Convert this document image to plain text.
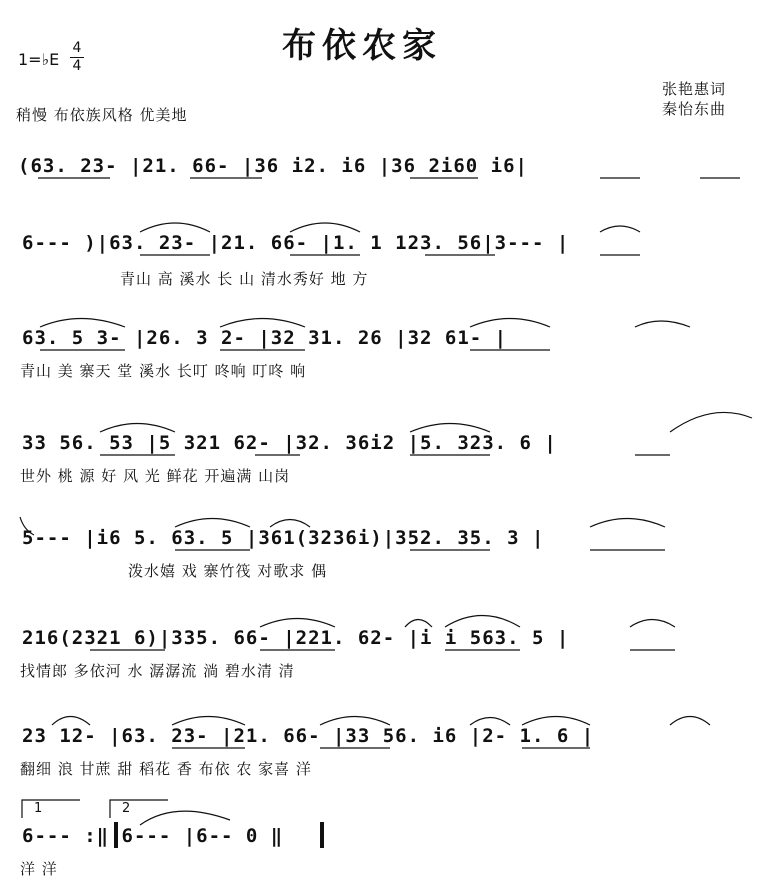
布依农家
1=♭E
4
4
稍慢 布依族风格 优美地
张艳惠词
秦怡东曲
(63. 23- |21. 66- |36 i2. i6 |36 2i60 i6|
6--- )|63. 23- |21. 66- |1. 1 123. 56|3--- |
青山 高 溪水 长 山 清水秀好 地 方
63. 5 3- |26. 3 2- |32 31. 26 |32 61- |
青山 美 寨天 堂 溪水 长叮 咚响 叮咚 响
33 56. 53 |5 321 62- |32. 36i2 |5. 323. 6 |
世外 桃 源 好 风 光 鲜花 开遍满 山岗
5--- |i6 5. 63. 5 |361(3236i)|352. 35. 3 |
泼水嬉 戏 寨竹筏 对歌求 偶
216(2321 6)|335. 66- |221. 62- |i i 563. 5 |
找情郎 多依河 水 潺潺流 淌 碧水清 清
23 12- |63. 23- |21. 66- |33 56. i6 |2- 1. 6 |
翻细 浪 甘蔗 甜 稻花 香 布依 农 家喜 洋
1	2
6--- :‖ 6--- |6-- 0 ‖
洋 洋
